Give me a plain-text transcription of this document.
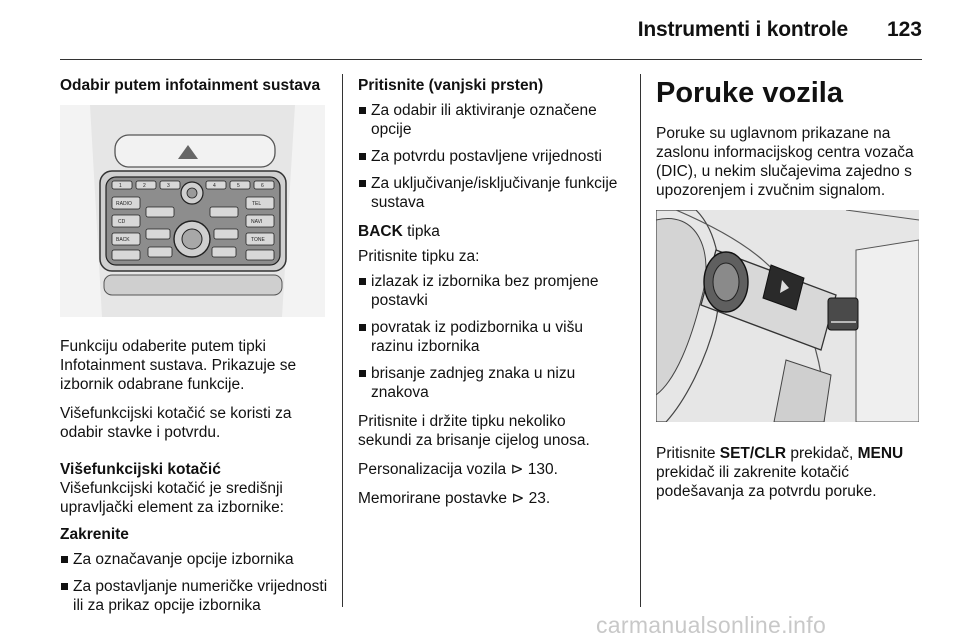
Instrumenti i kontrole	123

Odabir putem infotainment sustava

1	2	3	4	5	6
RADIO
CD
TEL
NAVI
BACK	TONE

Funkciju odaberite putem tipki Infotainment sustava. Prikazuje se izbornik odabrane funkcije.

Višefunkcijski kotačić se koristi za odabir stavke i potvrdu.

Višefunkcijski kotačić

Višefunkcijski kotačić je središnji upravljački element za izbornike:

Zakrenite

Za označavanje opcije izbornika
Za postavljanje numeričke vrijednosti ili za prikaz opcije izbornika

Pritisnite (vanjski prsten)

Za odabir ili aktiviranje označene opcije
Za potvrdu postavljene vrijednosti
Za uključivanje/isključivanje funkcije sustava

BACK tipka

Pritisnite tipku za:

izlazak iz izbornika bez promjene postavki
povratak iz podizbornika u višu razinu izbornika
brisanje zadnjeg znaka u nizu znakova

Pritisnite i držite tipku nekoliko sekundi za brisanje cijelog unosa.

Personalizacija vozila ⊳ 130.

Memorirane postavke ⊳ 23.

Poruke vozila

Poruke su uglavnom prikazane na zaslonu informacijskog centra vozača (DIC), u nekim slučajevima zajedno s upozorenjem i zvučnim signalom.

Pritisnite SET/CLR prekidač, MENU prekidač ili zakrenite kotačić podešavanja za potvrdu poruke.

carmanualsonline.info
